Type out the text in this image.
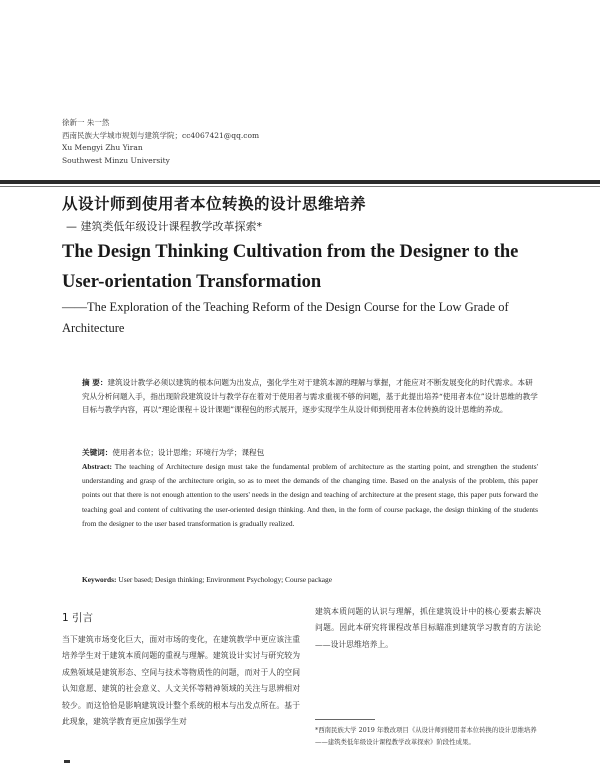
徐新一 朱一然
西南民族大学城市规划与建筑学院；cc4067421@qq.com
Xu Mengyi Zhu Yiran
Southwest Minzu University
从设计师到使用者本位转换的设计思维培养
— 建筑类低年级设计课程教学改革探索*
The Design Thinking Cultivation from the Designer to the User-orientation Transformation
——The Exploration of the Teaching Reform of the Design Course for the Low Grade of Architecture
摘 要：建筑设计教学必须以建筑的根本问题为出发点，强化学生对于建筑本源的理解与掌握，才能应对不断发展变化的时代需求。本研究从分析问题入手，指出现阶段建筑设计与教学存在着对于使用者与需求重视不够的问题，基于此提出培养“使用者本位”设计思维的教学目标与教学内容，再以“理论课程＋设计课题”课程包的形式展开，逐步实现学生从设计师到使用者本位转换的设计思维的养成。
关键词：使用者本位；设计思维；环境行为学；课程包
Abstract: The teaching of Architecture design must take the fundamental problem of architecture as the starting point, and strengthen the students' understanding and grasp of the architecture origin, so as to meet the demands of the changing time. Based on the analysis of the problem, this paper points out that there is not enough attention to the users' needs in the design and teaching of architecture at the present stage, this paper puts forward the teaching goal and content of cultivating the user-oriented design thinking. And then, in the form of course package, the design thinking of the students from the designer to the user based transformation is gradually realized.
Keywords: User based; Design thinking; Environment Psychology; Course package
1 引言
当下建筑市场变化巨大，面对市场的变化，在建筑教学中更应该注重培养学生对于建筑本质问题的重视与理解。建筑设计实讨与研究较为成熟领域是建筑形态、空间与技术等物质性的问题，而对于人的空间认知意愿、建筑的社会意义、人文关怀等精神领域的关注与思辨相对较少。而这恰恰是影响建筑设计整个系统的根本与出发点所在。基于此现象，建筑学教育更应加强学生对
建筑本质问题的认识与理解，抓住建筑设计中的核心要素去解决问题。因此本研究将课程改革目标瞄准到建筑学习教育的方法论——设计思维培养上。
*西南民族大学 2019 年教改项目《从设计师到使用者本位转换的设计思维培养——建筑类低年级设计课程教学改革探索》阶段性成果。
